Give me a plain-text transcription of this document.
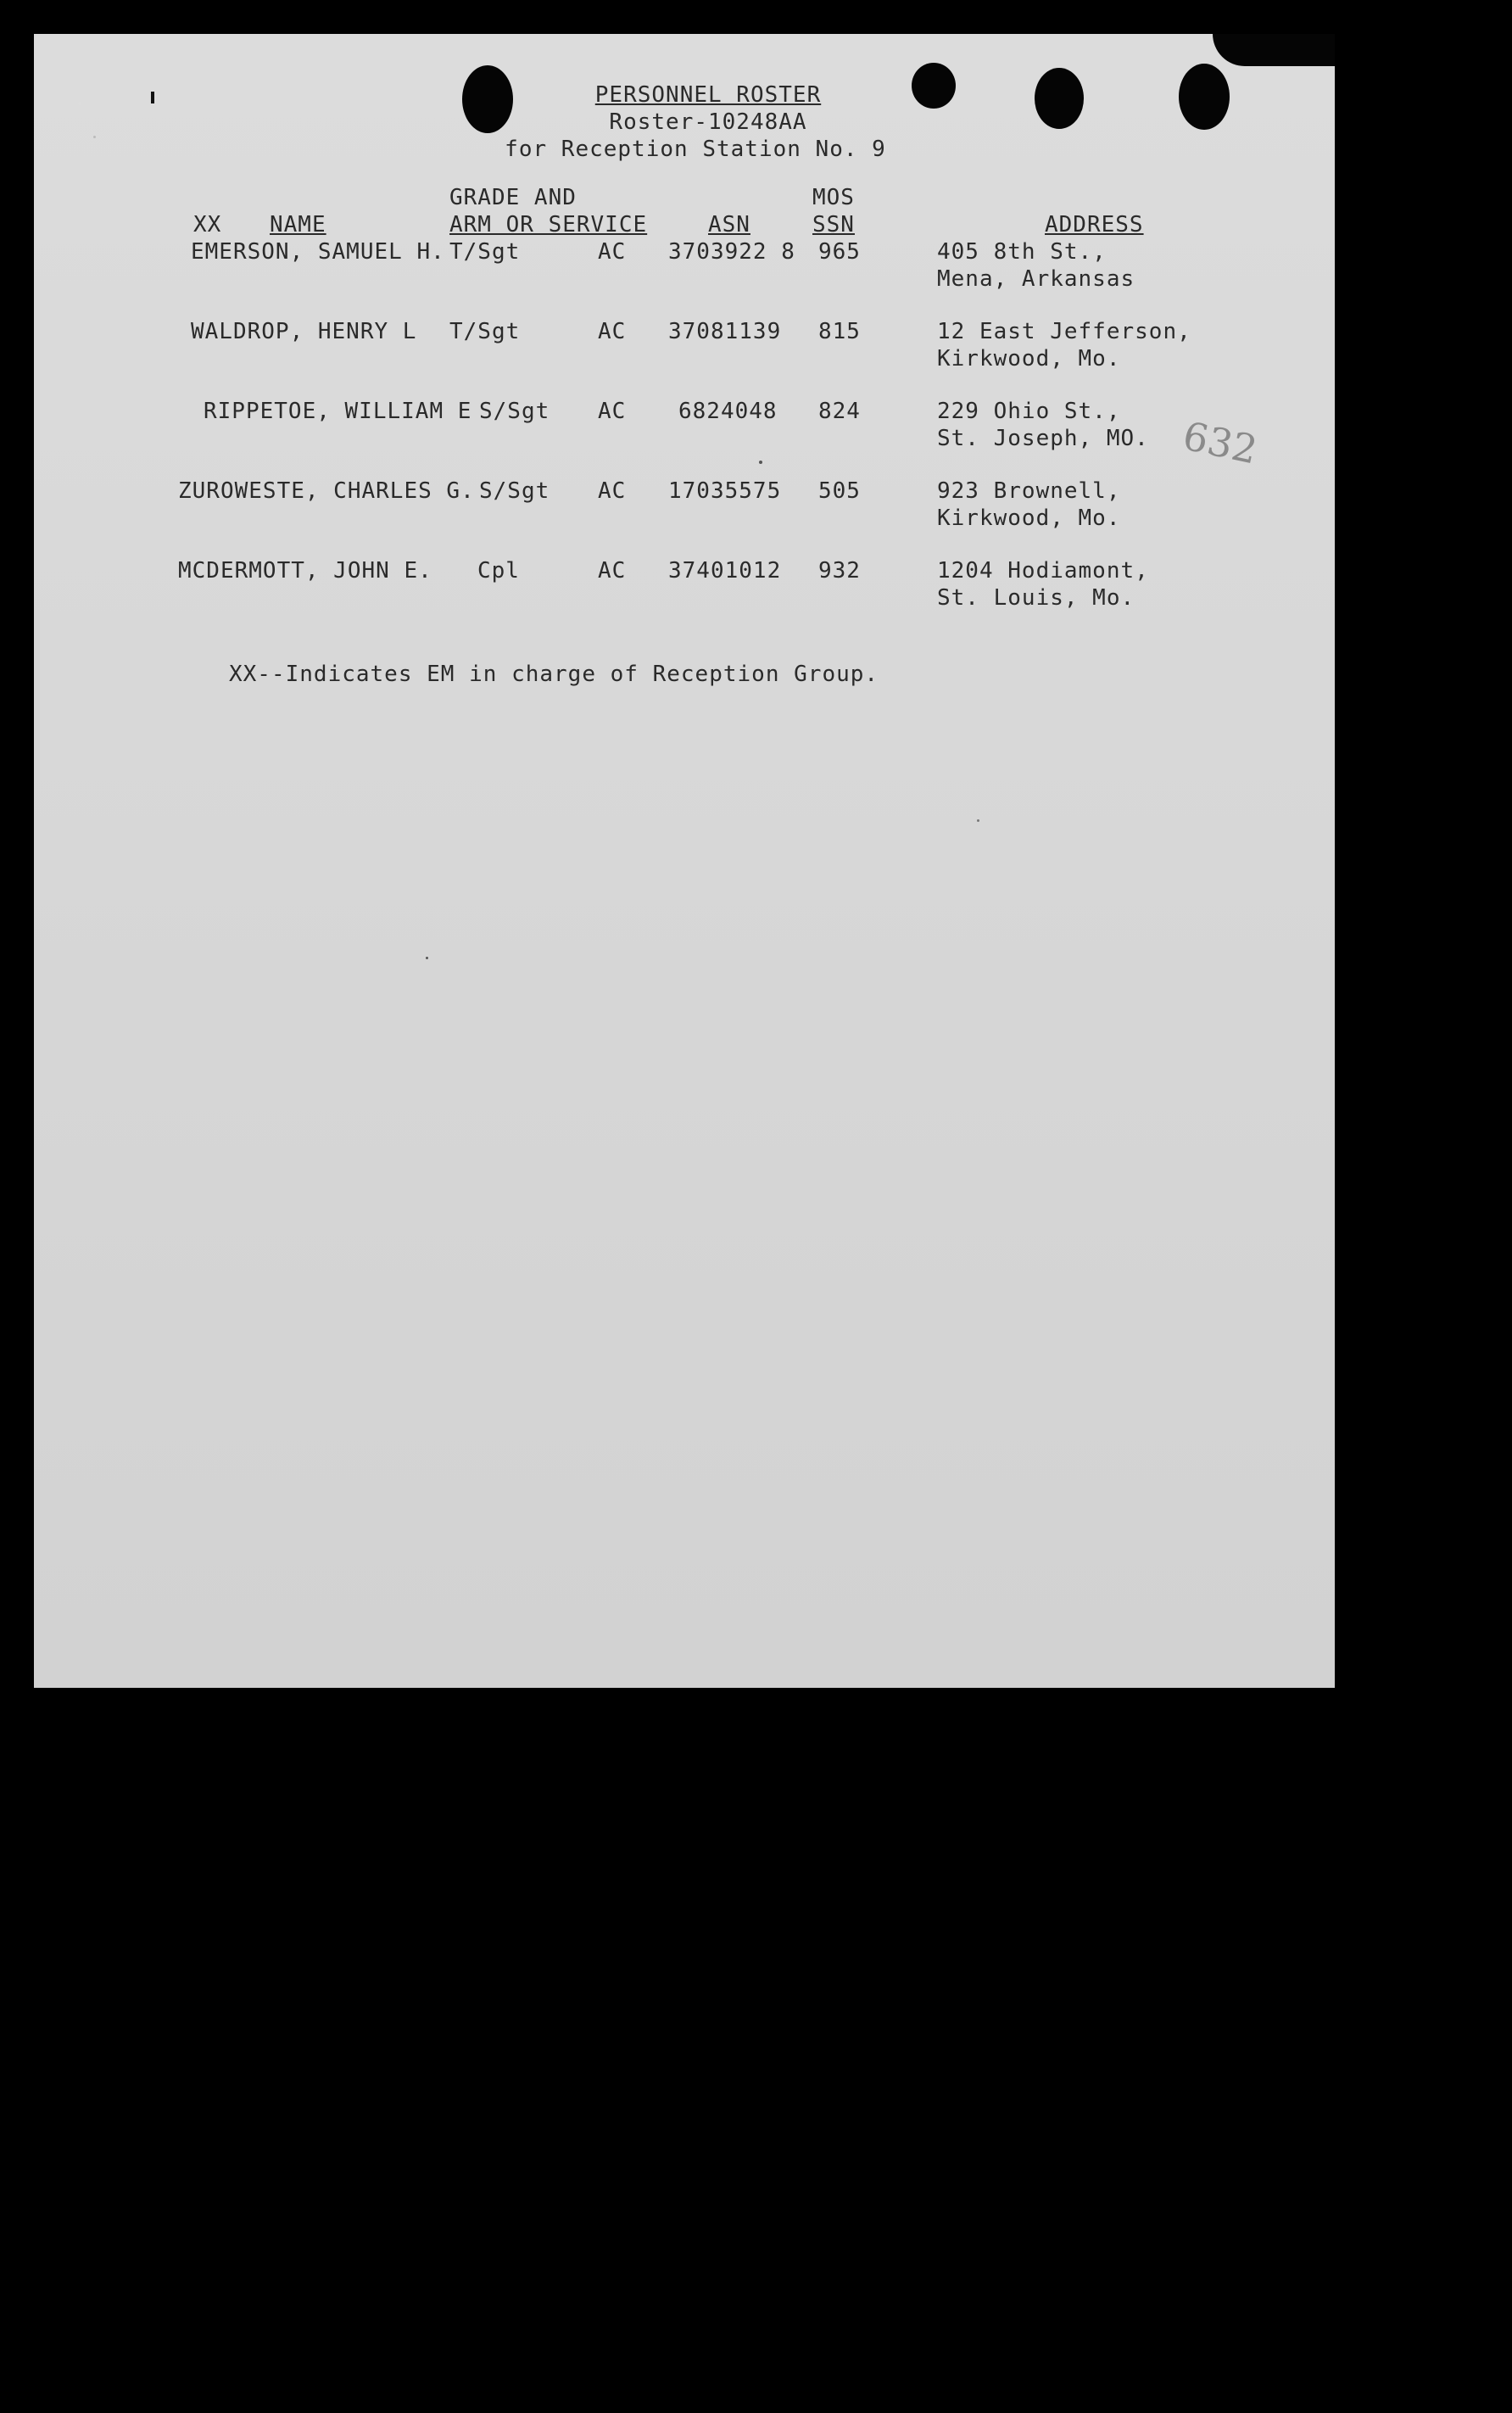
PERSONNEL ROSTER
Roster-10248AA
for Reception Station No. 9
XX NAME
GRADE AND
ARM OR SERVICE	ASN
MOS
SSN	ADDRESS
EMERSON, SAMUEL H. T/Sgt	AC 3703922 8 965	405 8th St.,
Mena, Arkansas
WALDROP, HENRY L T/Sgt	AC 37081139 815	12 East Jefferson,
Kirkwood, Mo.
RIPPETOE, WILLIAM E S/Sgt AC 6824048 824	229 Ohio St.,
St. Joseph, MO.
ZUROWESTE, CHARLES G. S/Sgt AC 17035575 505	923 Brownell,
Kirkwood, Mo.
MCDERMOTT, JOHN E. Cpl	AC 37401012 932	1204 Hodiamont,
St. Louis, Mo.
XX--Indicates EM in charge of Reception Group.
632
